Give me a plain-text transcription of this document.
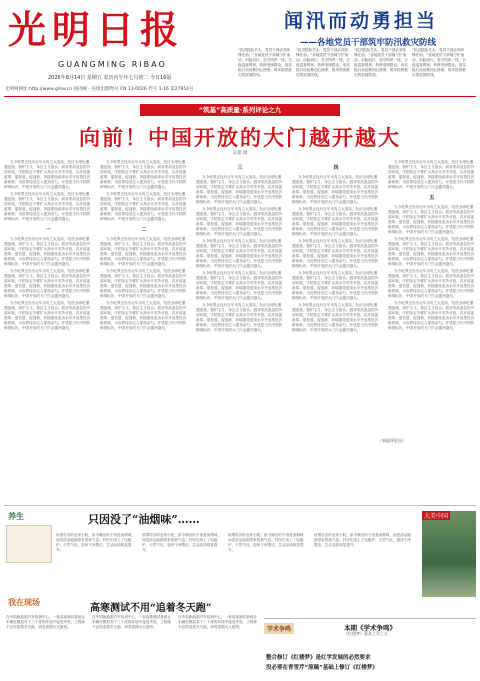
光明日报
GUANGMING RIBAO
2026年8月14日 星期五 农历丙午年七月初二 今日16版
光明网网址:http://www.gmw.cn 国内统一连续出版物号 CN 11-0026 代号 1-16 第27954号
闻汛而动勇担当
——各地党员干部筑牢防汛救灾防线
“抗洪抢险关头，党员干部必须冲锋在前。”各地党员干部闻“汛”而动、向险而行，坚守防汛一线，日夜巡查堤坝，转移受困群众，用实际行动诠释初心使命，筑牢防汛救灾的坚固防线。
“抗洪抢险关头，党员干部必须冲锋在前。”各地党员干部闻“汛”而动、向险而行，坚守防汛一线，日夜巡查堤坝，转移受困群众，用实际行动诠释初心使命，筑牢防汛救灾的坚固防线。
“抗洪抢险关头，党员干部必须冲锋在前。”各地党员干部闻“汛”而动、向险而行，坚守防汛一线，日夜巡查堤坝，转移受困群众，用实际行动诠释初心使命，筑牢防汛救灾的坚固防线。
“抗洪抢险关头，党员干部必须冲锋在前。”各地党员干部闻“汛”而动、向险而行，坚守防汛一线，日夜巡查堤坝，转移受困群众，用实际行动诠释初心使命，筑牢防汛救灾的坚固防线。
“筑基”高质量·系列评论之九
向前！中国开放的大门越开越大
吴超 闻

当今世界正经历百年未有之大变局，经济全球化遭遇逆流，保护主义、单边主义抬头。面对风高浪急的外部环境，中国坚定不移扩大高水平对外开放，以开放促改革、促发展、促创新，持续建设更高水平开放型经济新体制，为世界经济注入强劲动力。开放是当代中国的鲜明标识，中国开放的大门只会越开越大。

当今世界正经历百年未有之大变局，经济全球化遭遇逆流，保护主义、单边主义抬头。面对风高浪急的外部环境，中国坚定不移扩大高水平对外开放，以开放促改革、促发展、促创新，持续建设更高水平开放型经济新体制，为世界经济注入强劲动力。开放是当代中国的鲜明标识，中国开放的大门只会越开越大。

一

当今世界正经历百年未有之大变局，经济全球化遭遇逆流，保护主义、单边主义抬头。面对风高浪急的外部环境，中国坚定不移扩大高水平对外开放，以开放促改革、促发展、促创新，持续建设更高水平开放型经济新体制，为世界经济注入强劲动力。开放是当代中国的鲜明标识，中国开放的大门只会越开越大。

当今世界正经历百年未有之大变局，经济全球化遭遇逆流，保护主义、单边主义抬头。面对风高浪急的外部环境，中国坚定不移扩大高水平对外开放，以开放促改革、促发展、促创新，持续建设更高水平开放型经济新体制，为世界经济注入强劲动力。开放是当代中国的鲜明标识，中国开放的大门只会越开越大。

当今世界正经历百年未有之大变局，经济全球化遭遇逆流，保护主义、单边主义抬头。面对风高浪急的外部环境，中国坚定不移扩大高水平对外开放，以开放促改革、促发展、促创新，持续建设更高水平开放型经济新体制，为世界经济注入强劲动力。开放是当代中国的鲜明标识，中国开放的大门只会越开越大。

当今世界正经历百年未有之大变局，经济全球化遭遇逆流，保护主义、单边主义抬头。面对风高浪急的外部环境，中国坚定不移扩大高水平对外开放，以开放促改革、促发展、促创新，持续建设更高水平开放型经济新体制，为世界经济注入强劲动力。开放是当代中国的鲜明标识，中国开放的大门只会越开越大。

当今世界正经历百年未有之大变局，经济全球化遭遇逆流，保护主义、单边主义抬头。面对风高浪急的外部环境，中国坚定不移扩大高水平对外开放，以开放促改革、促发展、促创新，持续建设更高水平开放型经济新体制，为世界经济注入强劲动力。开放是当代中国的鲜明标识，中国开放的大门只会越开越大。

二

当今世界正经历百年未有之大变局，经济全球化遭遇逆流，保护主义、单边主义抬头。面对风高浪急的外部环境，中国坚定不移扩大高水平对外开放，以开放促改革、促发展、促创新，持续建设更高水平开放型经济新体制，为世界经济注入强劲动力。开放是当代中国的鲜明标识，中国开放的大门只会越开越大。

当今世界正经历百年未有之大变局，经济全球化遭遇逆流，保护主义、单边主义抬头。面对风高浪急的外部环境，中国坚定不移扩大高水平对外开放，以开放促改革、促发展、促创新，持续建设更高水平开放型经济新体制，为世界经济注入强劲动力。开放是当代中国的鲜明标识，中国开放的大门只会越开越大。

当今世界正经历百年未有之大变局，经济全球化遭遇逆流，保护主义、单边主义抬头。面对风高浪急的外部环境，中国坚定不移扩大高水平对外开放，以开放促改革、促发展、促创新，持续建设更高水平开放型经济新体制，为世界经济注入强劲动力。开放是当代中国的鲜明标识，中国开放的大门只会越开越大。

三

当今世界正经历百年未有之大变局，经济全球化遭遇逆流，保护主义、单边主义抬头。面对风高浪急的外部环境，中国坚定不移扩大高水平对外开放，以开放促改革、促发展、促创新，持续建设更高水平开放型经济新体制，为世界经济注入强劲动力。开放是当代中国的鲜明标识，中国开放的大门只会越开越大。

当今世界正经历百年未有之大变局，经济全球化遭遇逆流，保护主义、单边主义抬头。面对风高浪急的外部环境，中国坚定不移扩大高水平对外开放，以开放促改革、促发展、促创新，持续建设更高水平开放型经济新体制，为世界经济注入强劲动力。开放是当代中国的鲜明标识，中国开放的大门只会越开越大。

当今世界正经历百年未有之大变局，经济全球化遭遇逆流，保护主义、单边主义抬头。面对风高浪急的外部环境，中国坚定不移扩大高水平对外开放，以开放促改革、促发展、促创新，持续建设更高水平开放型经济新体制，为世界经济注入强劲动力。开放是当代中国的鲜明标识，中国开放的大门只会越开越大。

当今世界正经历百年未有之大变局，经济全球化遭遇逆流，保护主义、单边主义抬头。面对风高浪急的外部环境，中国坚定不移扩大高水平对外开放，以开放促改革、促发展、促创新，持续建设更高水平开放型经济新体制，为世界经济注入强劲动力。开放是当代中国的鲜明标识，中国开放的大门只会越开越大。

当今世界正经历百年未有之大变局，经济全球化遭遇逆流，保护主义、单边主义抬头。面对风高浪急的外部环境，中国坚定不移扩大高水平对外开放，以开放促改革、促发展、促创新，持续建设更高水平开放型经济新体制，为世界经济注入强劲动力。开放是当代中国的鲜明标识，中国开放的大门只会越开越大。

四

当今世界正经历百年未有之大变局，经济全球化遭遇逆流，保护主义、单边主义抬头。面对风高浪急的外部环境，中国坚定不移扩大高水平对外开放，以开放促改革、促发展、促创新，持续建设更高水平开放型经济新体制，为世界经济注入强劲动力。开放是当代中国的鲜明标识，中国开放的大门只会越开越大。

当今世界正经历百年未有之大变局，经济全球化遭遇逆流，保护主义、单边主义抬头。面对风高浪急的外部环境，中国坚定不移扩大高水平对外开放，以开放促改革、促发展、促创新，持续建设更高水平开放型经济新体制，为世界经济注入强劲动力。开放是当代中国的鲜明标识，中国开放的大门只会越开越大。

当今世界正经历百年未有之大变局，经济全球化遭遇逆流，保护主义、单边主义抬头。面对风高浪急的外部环境，中国坚定不移扩大高水平对外开放，以开放促改革、促发展、促创新，持续建设更高水平开放型经济新体制，为世界经济注入强劲动力。开放是当代中国的鲜明标识，中国开放的大门只会越开越大。

当今世界正经历百年未有之大变局，经济全球化遭遇逆流，保护主义、单边主义抬头。面对风高浪急的外部环境，中国坚定不移扩大高水平对外开放，以开放促改革、促发展、促创新，持续建设更高水平开放型经济新体制，为世界经济注入强劲动力。开放是当代中国的鲜明标识，中国开放的大门只会越开越大。

当今世界正经历百年未有之大变局，经济全球化遭遇逆流，保护主义、单边主义抬头。面对风高浪急的外部环境，中国坚定不移扩大高水平对外开放，以开放促改革、促发展、促创新，持续建设更高水平开放型经济新体制，为世界经济注入强劲动力。开放是当代中国的鲜明标识，中国开放的大门只会越开越大。

当今世界正经历百年未有之大变局，经济全球化遭遇逆流，保护主义、单边主义抬头。面对风高浪急的外部环境，中国坚定不移扩大高水平对外开放，以开放促改革、促发展、促创新，持续建设更高水平开放型经济新体制，为世界经济注入强劲动力。开放是当代中国的鲜明标识，中国开放的大门只会越开越大。

五

当今世界正经历百年未有之大变局，经济全球化遭遇逆流，保护主义、单边主义抬头。面对风高浪急的外部环境，中国坚定不移扩大高水平对外开放，以开放促改革、促发展、促创新，持续建设更高水平开放型经济新体制，为世界经济注入强劲动力。开放是当代中国的鲜明标识，中国开放的大门只会越开越大。

当今世界正经历百年未有之大变局，经济全球化遭遇逆流，保护主义、单边主义抬头。面对风高浪急的外部环境，中国坚定不移扩大高水平对外开放，以开放促改革、促发展、促创新，持续建设更高水平开放型经济新体制，为世界经济注入强劲动力。开放是当代中国的鲜明标识，中国开放的大门只会越开越大。

当今世界正经历百年未有之大变局，经济全球化遭遇逆流，保护主义、单边主义抬头。面对风高浪急的外部环境，中国坚定不移扩大高水平对外开放，以开放促改革、促发展、促创新，持续建设更高水平开放型经济新体制，为世界经济注入强劲动力。开放是当代中国的鲜明标识，中国开放的大门只会越开越大。

当今世界正经历百年未有之大变局，经济全球化遭遇逆流，保护主义、单边主义抬头。面对风高浪急的外部环境，中国坚定不移扩大高水平对外开放，以开放促改革、促发展、促创新，持续建设更高水平开放型经济新体制，为世界经济注入强劲动力。开放是当代中国的鲜明标识，中国开放的大门只会越开越大。

（本报评论员）
养生	只因没了“油烟味”……
炊烟袅袅的农家小院，如今飘出的不再是油烟味，而是清洁能源带来的新气息。村民们用上了电磁炉、天然气灶，厨房干净整洁，生活品质明显提升。
炊烟袅袅的农家小院，如今飘出的不再是油烟味，而是清洁能源带来的新气息。村民们用上了电磁炉、天然气灶，厨房干净整洁，生活品质明显提升。
炊烟袅袅的农家小院，如今飘出的不再是油烟味，而是清洁能源带来的新气息。村民们用上了电磁炉、天然气灶，厨房干净整洁，生活品质明显提升。
炊烟袅袅的农家小院，如今飘出的不再是油烟味，而是清洁能源带来的新气息。村民们用上了电磁炉、天然气灶，厨房干净整洁，生活品质明显提升。
我在现场
高寒测试不用“追着冬天跑”
在中国新能源汽车检测中心，一套高寒测试系统让车辆在模拟零下三十度的环境中接受考验，工程师不必再追着冬天跑，研发周期大大缩短。
在中国新能源汽车检测中心，一套高寒测试系统让车辆在模拟零下三十度的环境中接受考验，工程师不必再追着冬天跑，研发周期大大缩短。
在中国新能源汽车检测中心，一套高寒测试系统让车辆在模拟零下三十度的环境中接受考验，工程师不必再追着冬天跑，研发周期大大缩短。
大美中国
学术争鸣	本期《学术争鸣》
《红楼梦》版本之争之五
整合修订《红楼梦》是红学发展的必然要求
没必要在青雪芹“原稿”基础上修订《红楼梦》
